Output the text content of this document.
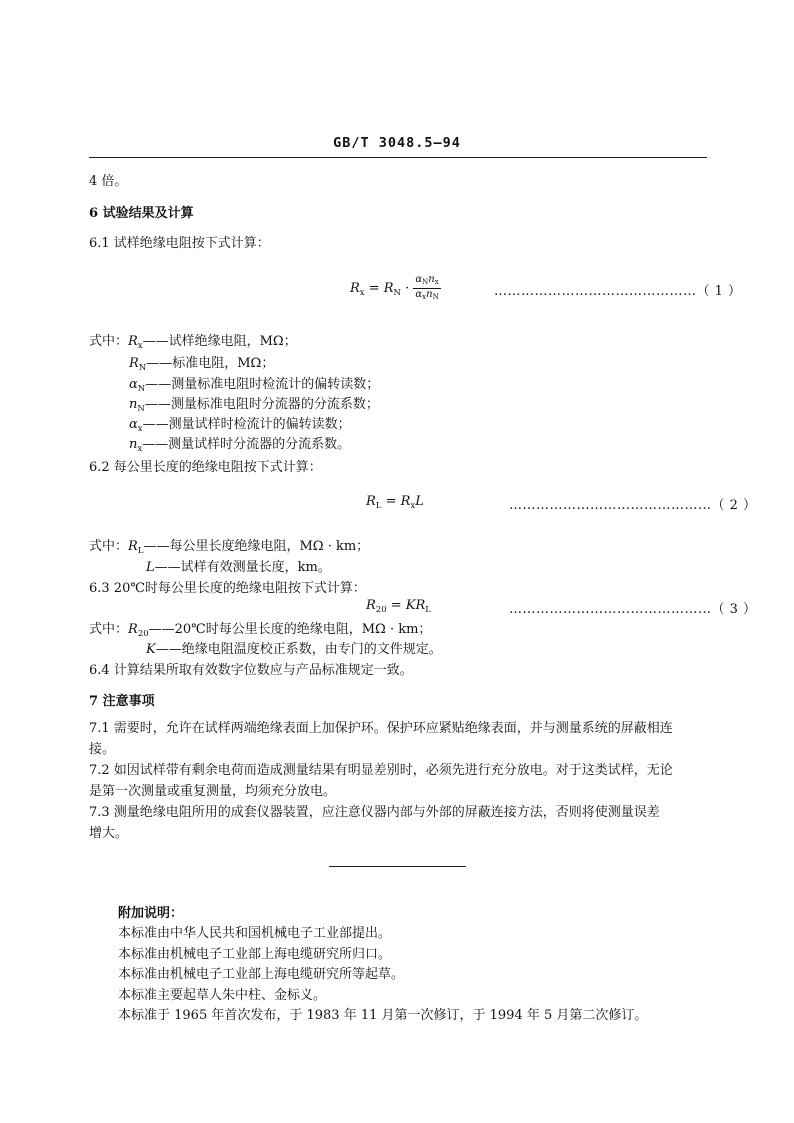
GB/T 3048.5—94
4 倍。
6 试验结果及计算
6.1 试样绝缘电阻按下式计算：
$R_x = R_N \cdot \frac{\alpha_Nn_x}{\alpha_xn_N}$	………………………………………（ 1 ）
式中：$R_x——$试样绝缘电阻，MΩ；
$R_N——$标准电阻，MΩ；
$\alpha_N——$测量标准电阻时检流计的偏转读数；
$n_N——$测量标准电阻时分流器的分流系数；
$\alpha_x——$测量试样时检流计的偏转读数；
$n_x——$测量试样时分流器的分流系数。
6.2 每公里长度的绝缘电阻按下式计算：
$R_L = R_xL$	………………………………………（ 2 ）
式中：$R_L——$每公里长度绝缘电阻，MΩ · km；
L——试样有效测量长度，km。
6.3 20℃时每公里长度的绝缘电阻按下式计算：
$R_{20} = KR_L$	………………………………………（ 3 ）
式中：$R_{20}——20℃$时每公里长度的绝缘电阻，MΩ · km；
K——绝缘电阻温度校正系数，由专门的文件规定。
6.4 计算结果所取有效数字位数应与产品标准规定一致。
7 注意事项
7.1 需要时，允许在试样两端绝缘表面上加保护环。保护环应紧贴绝缘表面，并与测量系统的屏蔽相连
接。
7.2 如因试样带有剩余电荷而造成测量结果有明显差别时，必须先进行充分放电。对于这类试样，无论
是第一次测量或重复测量，均须充分放电。
7.3 测量绝缘电阻所用的成套仪器装置，应注意仪器内部与外部的屏蔽连接方法，否则将使测量误差
增大。
附加说明：
本标准由中华人民共和国机械电子工业部提出。
本标准由机械电子工业部上海电缆研究所归口。
本标准由机械电子工业部上海电缆研究所等起草。
本标准主要起草人朱中柱、金标义。
本标准于 1965 年首次发布，于 1983 年 11 月第一次修订，于 1994 年 5 月第二次修订。
